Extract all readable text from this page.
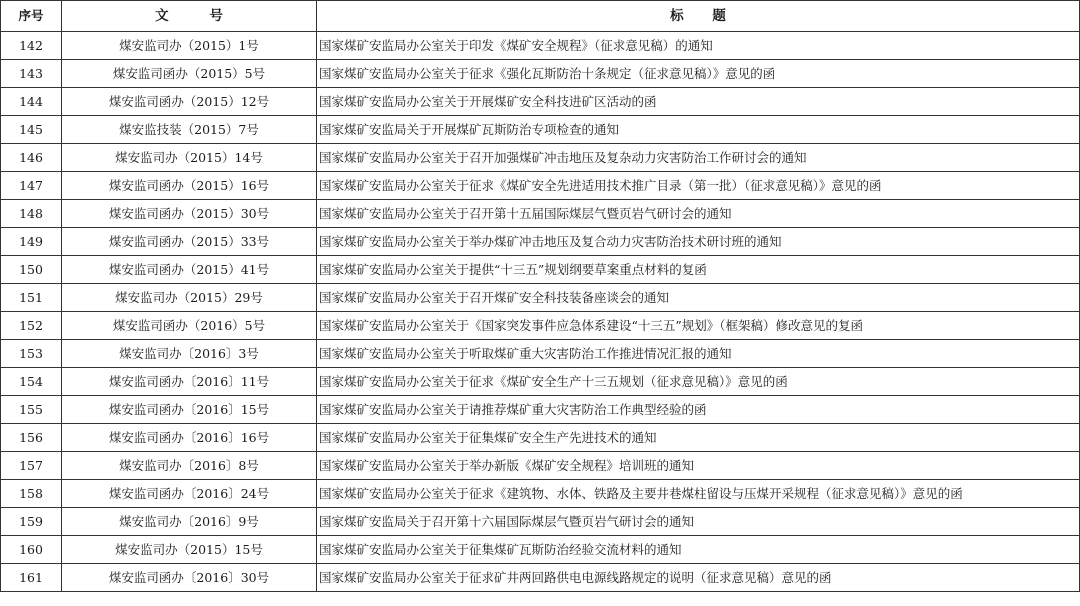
序号	文 号	标 题
142	煤安监司办（2015）1号	国家煤矿安监局办公室关于印发《煤矿安全规程》（征求意见稿）的通知
143	煤安监司函办（2015）5号	国家煤矿安监局办公室关于征求《强化瓦斯防治十条规定（征求意见稿）》意见的函
144	煤安监司函办（2015）12号	国家煤矿安监局办公室关于开展煤矿安全科技进矿区活动的函
145	煤安监技装（2015）7号	国家煤矿安监局关于开展煤矿瓦斯防治专项检查的通知
146	煤安监司办（2015）14号	国家煤矿安监局办公室关于召开加强煤矿冲击地压及复杂动力灾害防治工作研讨会的通知
147	煤安监司函办（2015）16号	国家煤矿安监局办公室关于征求《煤矿安全先进适用技术推广目录（第一批）（征求意见稿）》意见的函
148	煤安监司函办（2015）30号	国家煤矿安监局办公室关于召开第十五届国际煤层气暨页岩气研讨会的通知
149	煤安监司函办（2015）33号	国家煤矿安监局办公室关于举办煤矿冲击地压及复合动力灾害防治技术研讨班的通知
150	煤安监司函办（2015）41号	国家煤矿安监局办公室关于提供“十三五”规划纲要草案重点材料的复函
151	煤安监司办（2015）29号	国家煤矿安监局办公室关于召开煤矿安全科技装备座谈会的通知
152	煤安监司函办（2016）5号	国家煤矿安监局办公室关于《国家突发事件应急体系建设“十三五”规划》（框架稿）修改意见的复函
153	煤安监司办〔2016〕3号	国家煤矿安监局办公室关于听取煤矿重大灾害防治工作推进情况汇报的通知
154	煤安监司函办〔2016〕11号	国家煤矿安监局办公室关于征求《煤矿安全生产十三五规划（征求意见稿）》意见的函
155	煤安监司函办〔2016〕15号	国家煤矿安监局办公室关于请推荐煤矿重大灾害防治工作典型经验的函
156	煤安监司函办〔2016〕16号	国家煤矿安监局办公室关于征集煤矿安全生产先进技术的通知
157	煤安监司办〔2016〕8号	国家煤矿安监局办公室关于举办新版《煤矿安全规程》培训班的通知
158	煤安监司函办〔2016〕24号	国家煤矿安监局办公室关于征求《建筑物、水体、铁路及主要井巷煤柱留设与压煤开采规程（征求意见稿）》意见的函
159	煤安监司办〔2016〕9号	国家煤矿安监局关于召开第十六届国际煤层气暨页岩气研讨会的通知
160	煤安监司办（2015）15号	国家煤矿安监局办公室关于征集煤矿瓦斯防治经验交流材料的通知
161	煤安监司函办〔2016〕30号	国家煤矿安监局办公室关于征求矿井两回路供电电源线路规定的说明（征求意见稿）意见的函
